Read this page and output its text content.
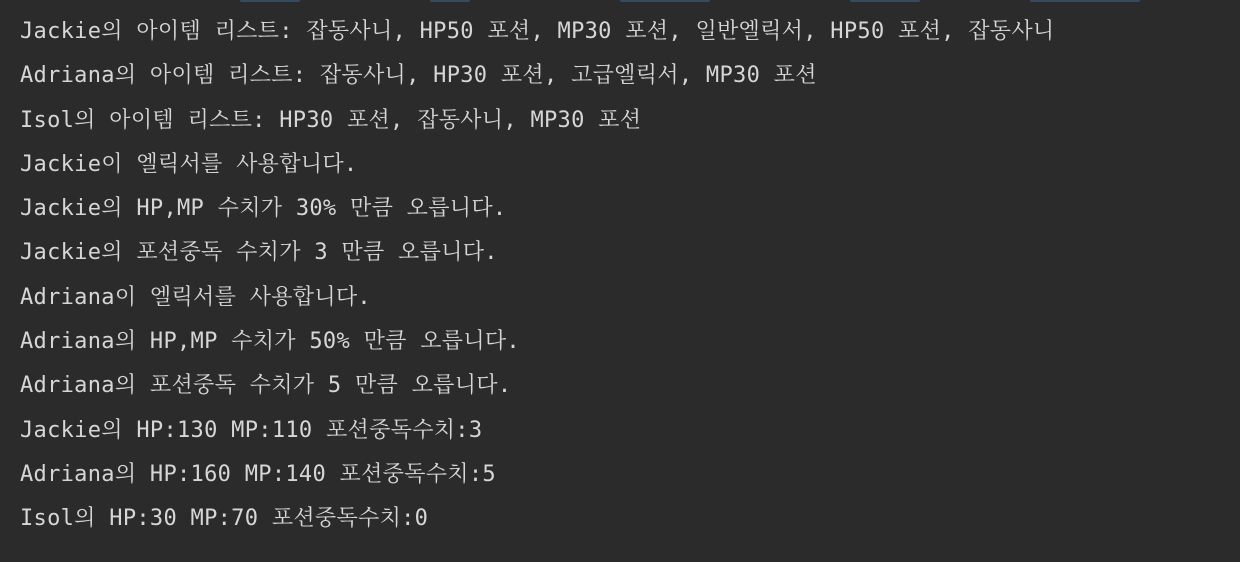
Jackie의 아이템 리스트: 잡동사니, HP50 포션, MP30 포션, 일반엘릭서, HP50 포션, 잡동사니
Adriana의 아이템 리스트: 잡동사니, HP30 포션, 고급엘릭서, MP30 포션
Isol의 아이템 리스트: HP30 포션, 잡동사니, MP30 포션
Jackie이 엘릭서를 사용합니다.
Jackie의 HP,MP 수치가 30% 만큼 오릅니다.
Jackie의 포션중독 수치가 3 만큼 오릅니다.
Adriana이 엘릭서를 사용합니다.
Adriana의 HP,MP 수치가 50% 만큼 오릅니다.
Adriana의 포션중독 수치가 5 만큼 오릅니다.
Jackie의 HP:130 MP:110 포션중독수치:3
Adriana의 HP:160 MP:140 포션중독수치:5
Isol의 HP:30 MP:70 포션중독수치:0
